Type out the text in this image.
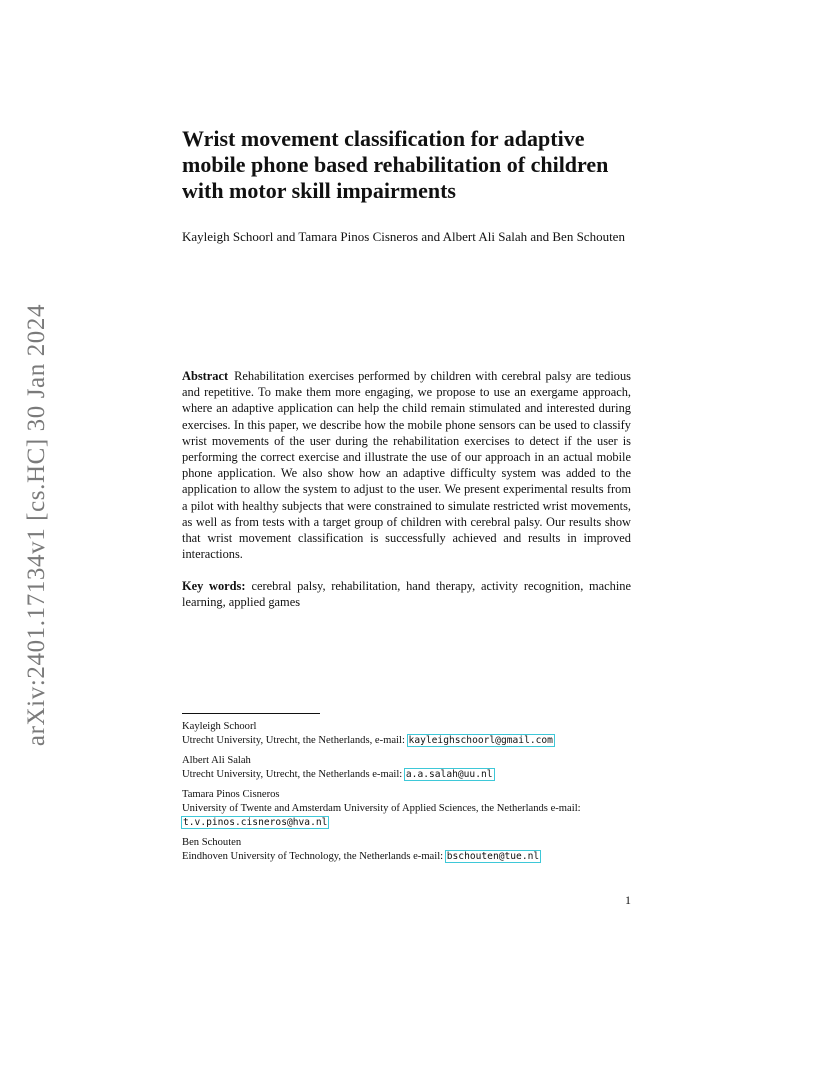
arXiv:2401.17134v1 [cs.HC] 30 Jan 2024
Wrist movement classification for adaptive
mobile phone based rehabilitation of children
with motor skill impairments
Kayleigh Schoorl and Tamara Pinos Cisneros and Albert Ali Salah and Ben Schouten
Abstract Rehabilitation exercises performed by children with cerebral palsy are tedious and repetitive. To make them more engaging, we propose to use an exergame approach, where an adaptive application can help the child remain stimulated and interested during exercises. In this paper, we describe how the mobile phone sensors can be used to classify wrist movements of the user during the rehabilitation exercises to detect if the user is performing the correct exercise and illustrate the use of our approach in an actual mobile phone application. We also show how an adaptive difficulty system was added to the application to allow the system to adjust to the user. We present experimental results from a pilot with healthy subjects that were constrained to simulate restricted wrist movements, as well as from tests with a target group of children with cerebral palsy. Our results show that wrist movement classification is successfully achieved and results in improved interactions.
Key words: cerebral palsy, rehabilitation, hand therapy, activity recognition, machine learning, applied games
Kayleigh Schoorl
Utrecht University, Utrecht, the Netherlands, e-mail: kayleighschoorl@gmail.com
Albert Ali Salah
Utrecht University, Utrecht, the Netherlands e-mail: a.a.salah@uu.nl
Tamara Pinos Cisneros
University of Twente and Amsterdam University of Applied Sciences, the Netherlands e-mail: t.v.pinos.cisneros@hva.nl
Ben Schouten
Eindhoven University of Technology, the Netherlands e-mail: bschouten@tue.nl
1
